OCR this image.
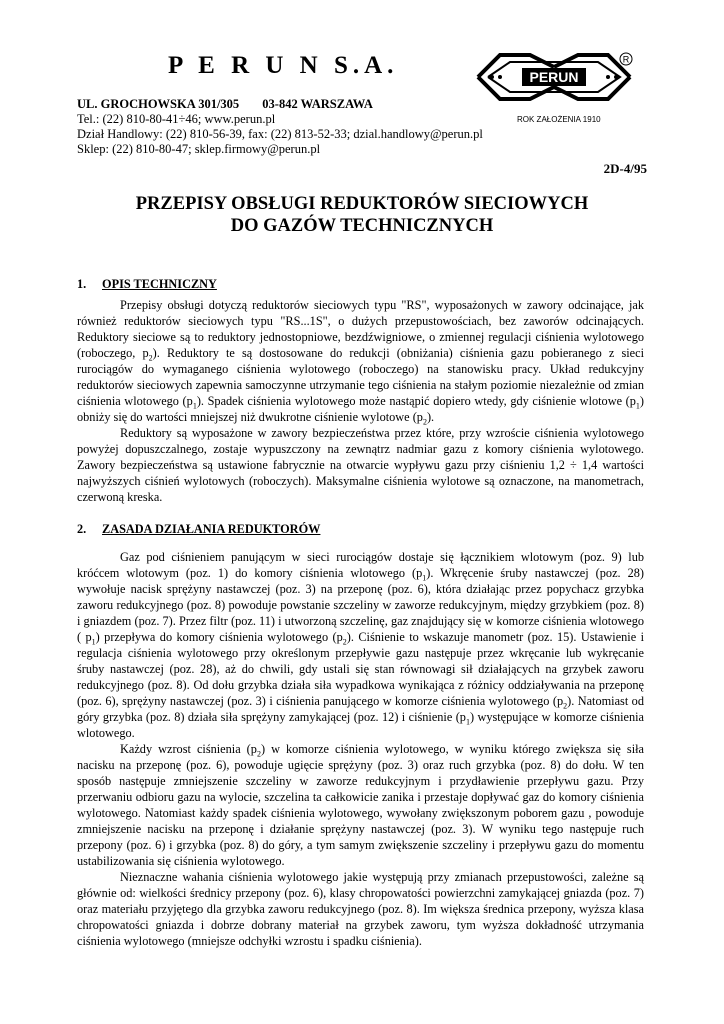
P E R U N S.A.
UL. GROCHOWSKA 301/305 03-842 WARSZAWA
Tel.: (22) 810-80-41÷46; www.perun.pl
Dział Handlowy: (22) 810-56-39, fax: (22) 813-52-33; dzial.handlowy@perun.pl
Sklep: (22) 810-80-47; sklep.firmowy@perun.pl
PERUN
R
ROK ZAŁOŻENIA 1910
2D-4/95
PRZEPISY OBSŁUGI REDUKTORÓW SIECIOWYCH
DO GAZÓW TECHNICZNYCH
1. OPIS TECHNICZNY

Przepisy obsługi dotyczą reduktorów sieciowych typu "RS", wyposażonych w zawory odcinające, jak również reduktorów sieciowych typu "RS...1S", o dużych przepustowościach, bez zaworów odcinających. Reduktory sieciowe są to reduktory jednostopniowe, bezdźwigniowe, o zmiennej regulacji ciśnienia wylotowego (roboczego, $p_2$). Reduktory te są dostosowane do redukcji (obniżania) ciśnienia gazu pobieranego z sieci rurociągów do wymaganego ciśnienia wylotowego (roboczego) na stanowisku pracy. Układ redukcyjny reduktorów sieciowych zapewnia samoczynne utrzymanie tego ciśnienia na stałym poziomie niezależnie od zmian ciśnienia wlotowego $(p_1)$. Spadek ciśnienia wylotowego może nastąpić dopiero wtedy, gdy ciśnienie wlotowe $(p_1)$ obniży się do wartości mniejszej niż dwukrotne ciśnienie wylotowe $(p_2)$.

Reduktory są wyposażone w zawory bezpieczeństwa przez które, przy wzroście ciśnienia wylotowego powyżej dopuszczalnego, zostaje wypuszczony na zewnątrz nadmiar gazu z komory ciśnienia wylotowego. Zawory bezpieczeństwa są ustawione fabrycznie na otwarcie wypływu gazu przy ciśnieniu 1,2 ÷ 1,4 wartości najwyższych ciśnień wylotowych (roboczych). Maksymalne ciśnienia wylotowe są oznaczone, na manometrach, czerwoną kreska.

2. ZASADA DZIAŁANIA REDUKTORÓW

Gaz pod ciśnieniem panującym w sieci rurociągów dostaje się łącznikiem wlotowym (poz. 9) lub króćcem wlotowym (poz. 1) do komory ciśnienia wlotowego $(p_1)$. Wkręcenie śruby nastawczej (poz. 28) wywołuje nacisk sprężyny nastawczej (poz. 3) na przeponę (poz. 6), która działając przez popychacz grzybka zaworu redukcyjnego (poz. 8) powoduje powstanie szczeliny w zaworze redukcyjnym, między grzybkiem (poz. 8) i gniazdem (poz. 7). Przez filtr (poz. 11) i utworzoną szczelinę, gaz znajdujący się w komorze ciśnienia wlotowego ( $p_1$) przepływa do komory ciśnienia wylotowego $(p_2)$. Ciśnienie to wskazuje manometr (poz. 15). Ustawienie i regulacja ciśnienia wylotowego przy określonym przepływie gazu następuje przez wkręcanie lub wykręcanie śruby nastawczej (poz. 28), aż do chwili, gdy ustali się stan równowagi sił działających na grzybek zaworu redukcyjnego (poz. 8). Od dołu grzybka działa siła wypadkowa wynikająca z różnicy oddziaływania na przeponę (poz. 6), sprężyny nastawczej (poz. 3) i ciśnienia panującego w komorze ciśnienia wylotowego $(p_2)$. Natomiast od góry grzybka (poz. 8) działa siła sprężyny zamykającej (poz. 12) i ciśnienie $(p_1)$ występujące w komorze ciśnienia wlotowego.

Każdy wzrost ciśnienia $(p_2)$ w komorze ciśnienia wylotowego, w wyniku którego zwiększa się siła nacisku na przeponę (poz. 6), powoduje ugięcie sprężyny (poz. 3) oraz ruch grzybka (poz. 8) do dołu. W ten sposób następuje zmniejszenie szczeliny w zaworze redukcyjnym i przydławienie przepływu gazu. Przy przerwaniu odbioru gazu na wylocie, szczelina ta całkowicie zanika i przestaje dopływać gaz do komory ciśnienia wylotowego. Natomiast każdy spadek ciśnienia wylotowego, wywołany zwiększonym poborem gazu , powoduje zmniejszenie nacisku na przeponę i działanie sprężyny nastawczej (poz. 3). W wyniku tego następuje ruch przepony (poz. 6) i grzybka (poz. 8) do góry, a tym samym zwiększenie szczeliny i przepływu gazu do momentu ustabilizowania się ciśnienia wylotowego.

Nieznaczne wahania ciśnienia wylotowego jakie występują przy zmianach przepustowości, zależne są głównie od: wielkości średnicy przepony (poz. 6), klasy chropowatości powierzchni zamykającej gniazda (poz. 7) oraz materiału przyjętego dla grzybka zaworu redukcyjnego (poz. 8). Im większa średnica przepony, wyższa klasa chropowatości gniazda i dobrze dobrany materiał na grzybek zaworu, tym wyższa dokładność utrzymania ciśnienia wylotowego (mniejsze odchyłki wzrostu i spadku ciśnienia).
